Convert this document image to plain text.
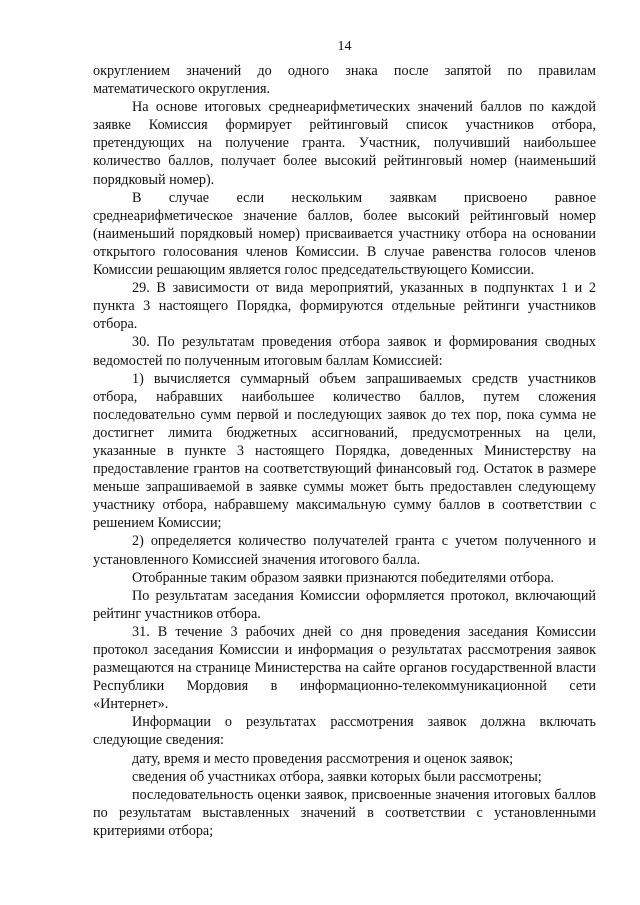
14

округлением значений до одного знака после запятой по правилам математического округления.

На основе итоговых среднеарифметических значений баллов по каждой заявке Комиссия формирует рейтинговый список участников отбора, претендующих на получение гранта. Участник, получивший наибольшее количество баллов, получает более высокий рейтинговый номер (наименьший порядковый номер).

В случае если нескольким заявкам присвоено равное среднеарифметическое значение баллов, более высокий рейтинговый номер (наименьший порядковый номер) присваивается участнику отбора на основании открытого голосования членов Комиссии. В случае равенства голосов членов Комиссии решающим является голос председательствующего Комиссии.

29. В зависимости от вида мероприятий, указанных в подпунктах 1 и 2 пункта 3 настоящего Порядка, формируются отдельные рейтинги участников отбора.

30. По результатам проведения отбора заявок и формирования сводных ведомостей по полученным итоговым баллам Комиссией:

1) вычисляется суммарный объем запрашиваемых средств участников отбора, набравших наибольшее количество баллов, путем сложения последовательно сумм первой и последующих заявок до тех пор, пока сумма не достигнет лимита бюджетных ассигнований, предусмотренных на цели, указанные в пункте 3 настоящего Порядка, доведенных Министерству на предоставление грантов на соответствующий финансовый год. Остаток в размере меньше запрашиваемой в заявке суммы может быть предоставлен следующему участнику отбора, набравшему максимальную сумму баллов в соответствии с решением Комиссии;

2) определяется количество получателей гранта с учетом полученного и установленного Комиссией значения итогового балла.

Отобранные таким образом заявки признаются победителями отбора.

По результатам заседания Комиссии оформляется протокол, включающий рейтинг участников отбора.

31. В течение 3 рабочих дней со дня проведения заседания Комиссии протокол заседания Комиссии и информация о результатах рассмотрения заявок размещаются на странице Министерства на сайте органов государственной власти Республики Мордовия в информационно-телекоммуникационной сети «Интернет».

Информации о результатах рассмотрения заявок должна включать следующие сведения:

дату, время и место проведения рассмотрения и оценок заявок;

сведения об участниках отбора, заявки которых были рассмотрены;

последовательность оценки заявок, присвоенные значения итоговых баллов по результатам выставленных значений в соответствии с установленными критериями отбора;
